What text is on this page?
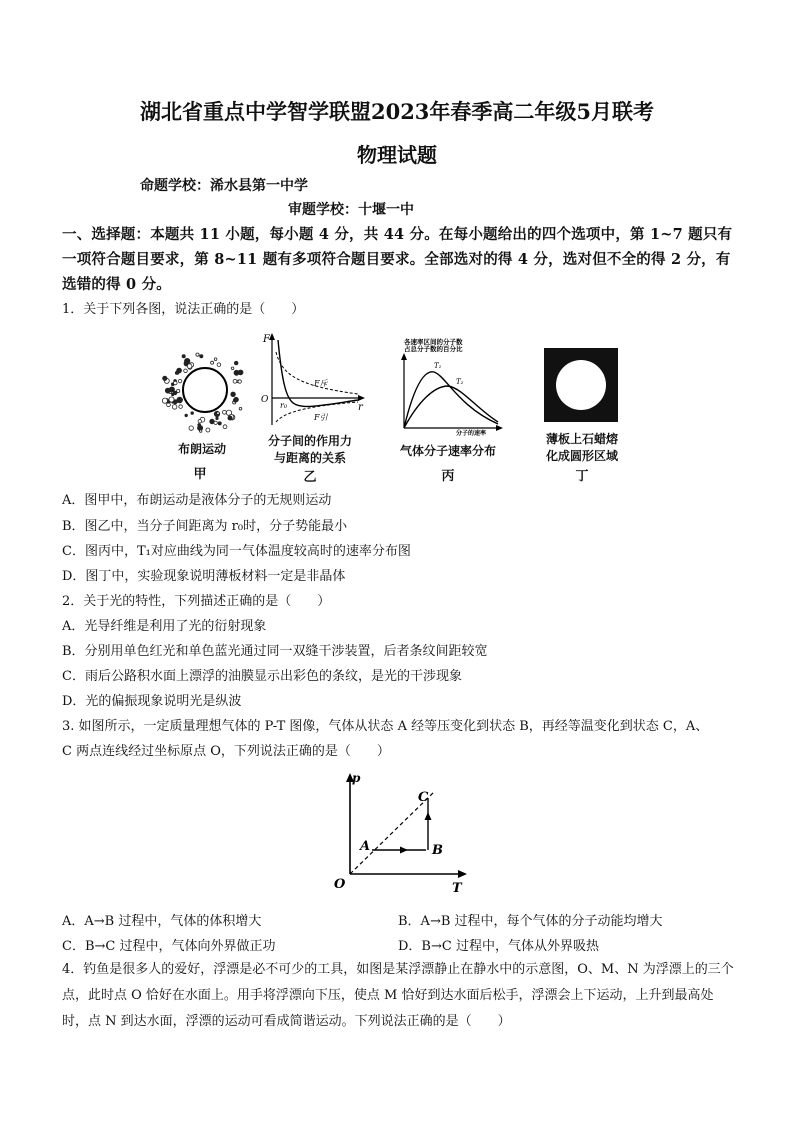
湖北省重点中学智学联盟2023年春季高二年级5月联考
物理试题
命题学校：浠水县第一中学
审题学校：十堰一中
一、选择题：本题共 11 小题，每小题 4 分，共 44 分。在每小题给出的四个选项中，第 1~7 题只有一项符合题目要求，第 8~11 题有多项符合题目要求。全部选对的得 4 分，选对但不全的得 2 分，有选错的得 0 分。
1．关于下列各图，说法正确的是（　　）
布朗运动
甲
F
r
O
r₀
F斥
F引
分子间的作用力
与距离的关系
乙
各速率区间的分子数
占总分子数的百分比
T₁
T₂
分子的速率
气体分子速率分布
丙
薄板上石蜡熔
化成圆形区域
丁
A．图甲中，布朗运动是液体分子的无规则运动
B．图乙中，当分子间距离为 r₀时，分子势能最小
C．图丙中，T₁对应曲线为同一气体温度较高时的速率分布图
D．图丁中，实验现象说明薄板材料一定是非晶体
2．关于光的特性，下列描述正确的是（　　）
A．光导纤维是利用了光的衍射现象
B．分别用单色红光和单色蓝光通过同一双缝干涉装置，后者条纹间距较宽
C．雨后公路积水面上漂浮的油膜显示出彩色的条纹，是光的干涉现象
D．光的偏振现象说明光是纵波
3. 如图所示，一定质量理想气体的 P-T 图像，气体从状态 A 经等压变化到状态 B，再经等温变化到状态 C，A、
C 两点连线经过坐标原点 O，下列说法正确的是（　　）
p
T
O
A	B
C
A．A→B 过程中，气体的体积增大	B．A→B 过程中，每个气体的分子动能均增大
C．B→C 过程中，气体向外界做正功	D．B→C 过程中，气体从外界吸热
4．钓鱼是很多人的爱好，浮漂是必不可少的工具，如图是某浮漂静止在静水中的示意图，O、M、N 为浮漂上的三个点，此时点 O 恰好在水面上。用手将浮漂向下压，使点 M 恰好到达水面后松手，浮漂会上下运动，上升到最高处时，点 N 到达水面，浮漂的运动可看成简谐运动。下列说法正确的是（　　）
